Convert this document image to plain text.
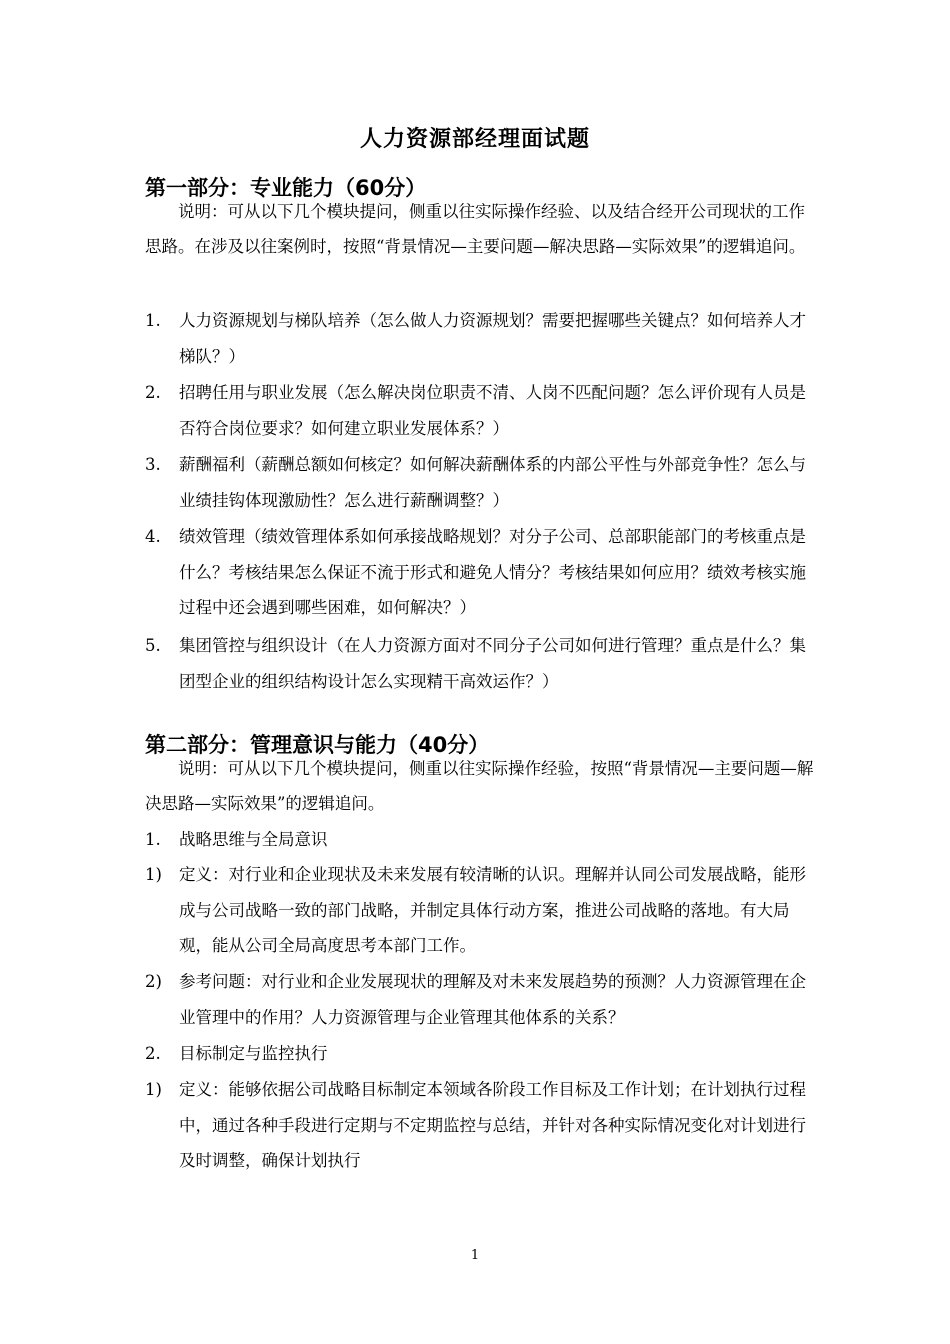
人力资源部经理面试题
第一部分：专业能力（60分）
说明：可从以下几个模块提问，侧重以往实际操作经验、以及结合经开公司现状的工作思路。在涉及以往案例时，按照“背景情况—主要问题—解决思路—实际效果”的逻辑追问。
1.	人力资源规划与梯队培养（怎么做人力资源规划？需要把握哪些关键点？如何培养人才梯队？）
2.	招聘任用与职业发展（怎么解决岗位职责不清、人岗不匹配问题？怎么评价现有人员是否符合岗位要求？如何建立职业发展体系？）
3.	薪酬福利（薪酬总额如何核定？如何解决薪酬体系的内部公平性与外部竞争性？怎么与业绩挂钩体现激励性？怎么进行薪酬调整？）
4.	绩效管理（绩效管理体系如何承接战略规划？对分子公司、总部职能部门的考核重点是什么？考核结果怎么保证不流于形式和避免人情分？考核结果如何应用？绩效考核实施过程中还会遇到哪些困难，如何解决？）
5.	集团管控与组织设计（在人力资源方面对不同分子公司如何进行管理？重点是什么？集团型企业的组织结构设计怎么实现精干高效运作？）
第二部分：管理意识与能力（40分）
说明：可从以下几个模块提问，侧重以往实际操作经验，按照“背景情况—主要问题—解决思路—实际效果”的逻辑追问。
1.	战略思维与全局意识
1)	定义：对行业和企业现状及未来发展有较清晰的认识。理解并认同公司发展战略，能形成与公司战略一致的部门战略，并制定具体行动方案，推进公司战略的落地。有大局观，能从公司全局高度思考本部门工作。
2)	参考问题：对行业和企业发展现状的理解及对未来发展趋势的预测？人力资源管理在企业管理中的作用？人力资源管理与企业管理其他体系的关系？
2.	目标制定与监控执行
1)	定义：能够依据公司战略目标制定本领域各阶段工作目标及工作计划；在计划执行过程中，通过各种手段进行定期与不定期监控与总结，并针对各种实际情况变化对计划进行及时调整，确保计划执行
1
